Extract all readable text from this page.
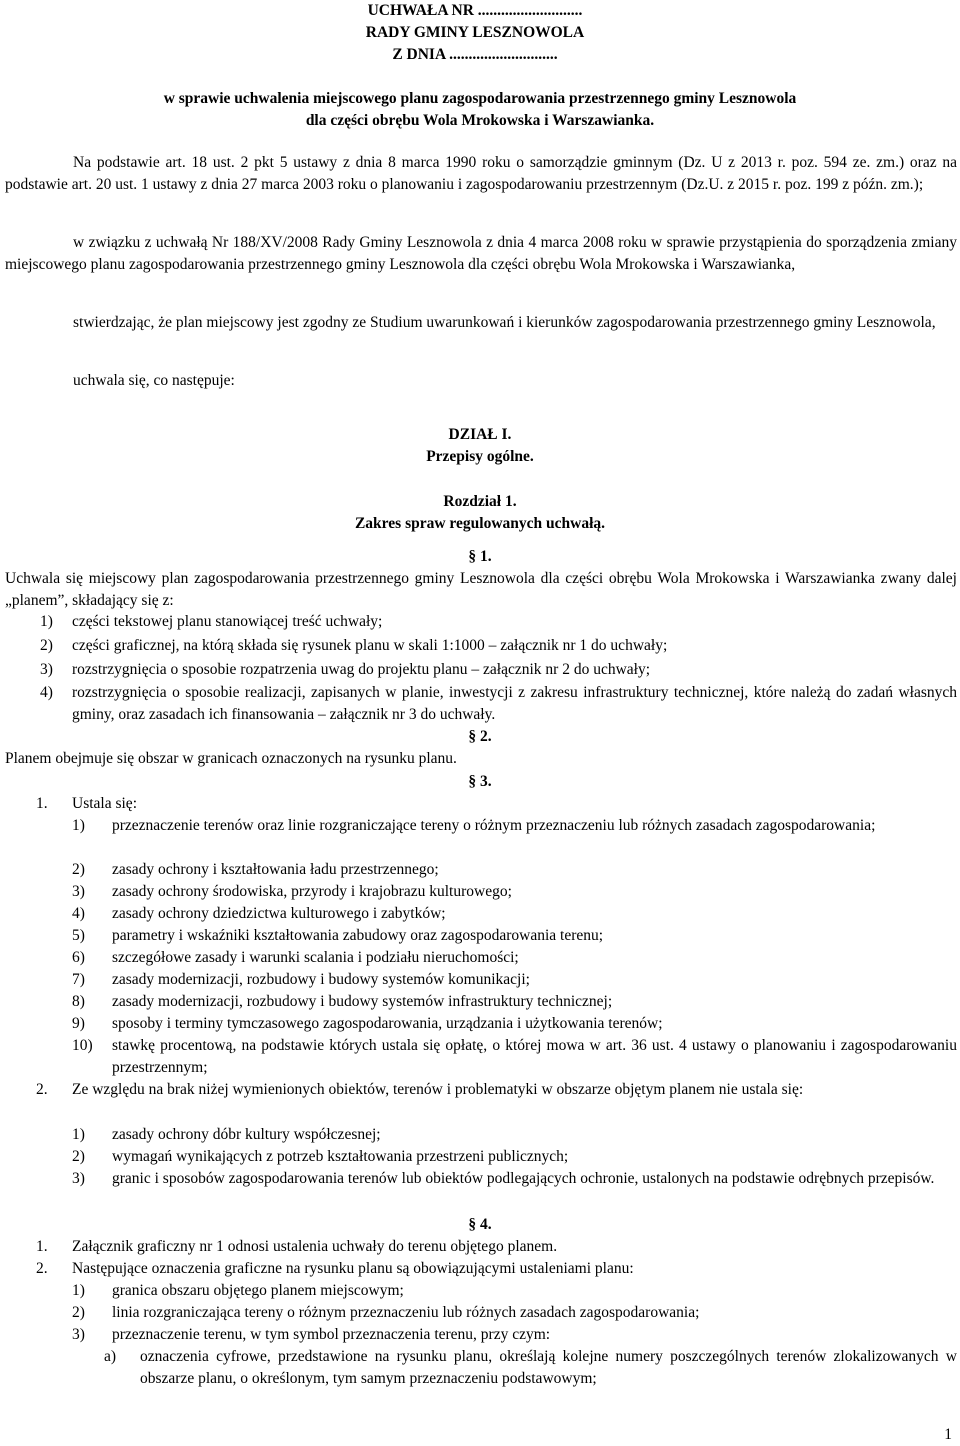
UCHWAŁA NR ...........................
RADY GMINY LESZNOWOLA
Z DNIA ............................
w sprawie uchwalenia miejscowego planu zagospodarowania przestrzennego gminy Lesznowola
dla części obrębu Wola Mrokowska i Warszawianka.
Na podstawie art. 18 ust. 2 pkt 5 ustawy z dnia 8 marca 1990 roku o samorządzie gminnym (Dz. U z 2013 r. poz. 594 ze. zm.) oraz na podstawie art. 20 ust. 1 ustawy z dnia 27 marca 2003 roku o planowaniu i zagospodarowaniu przestrzennym (Dz.U. z 2015 r. poz. 199 z późn. zm.);
w związku z uchwałą Nr 188/XV/2008 Rady Gminy Lesznowola z dnia 4 marca 2008 roku w sprawie przystąpienia do sporządzenia zmiany miejscowego planu zagospodarowania przestrzennego gminy Lesznowola dla części obrębu Wola Mrokowska i Warszawianka,
stwierdzając, że plan miejscowy jest zgodny ze Studium uwarunkowań i kierunków zagospodarowania przestrzennego gminy Lesznowola,
uchwala się, co następuje:
DZIAŁ I.
Przepisy ogólne.
Rozdział 1.
Zakres spraw regulowanych uchwałą.
§ 1.
Uchwala się miejscowy plan zagospodarowania przestrzennego gminy Lesznowola dla części obrębu Wola Mrokowska i Warszawianka zwany dalej „planem”, składający się z:
1)	części tekstowej planu stanowiącej treść uchwały;
2)	części graficznej, na którą składa się rysunek planu w skali 1:1000 – załącznik nr 1 do uchwały;
3)	rozstrzygnięcia o sposobie rozpatrzenia uwag do projektu planu – załącznik nr 2 do uchwały;
4)	rozstrzygnięcia o sposobie realizacji, zapisanych w planie, inwestycji z zakresu infrastruktury technicznej, które należą do zadań własnych gminy, oraz zasadach ich finansowania – załącznik nr 3 do uchwały.
§ 2.
Planem obejmuje się obszar w granicach oznaczonych na rysunku planu.
§ 3.
1.	Ustala się:
1)	przeznaczenie terenów oraz linie rozgraniczające tereny o różnym przeznaczeniu lub różnych zasadach zagospodarowania;
2)	zasady ochrony i kształtowania ładu przestrzennego;
3)	zasady ochrony środowiska, przyrody i krajobrazu kulturowego;
4)	zasady ochrony dziedzictwa kulturowego i zabytków;
5)	parametry i wskaźniki kształtowania zabudowy oraz zagospodarowania terenu;
6)	szczegółowe zasady i warunki scalania i podziału nieruchomości;
7)	zasady modernizacji, rozbudowy i budowy systemów komunikacji;
8)	zasady modernizacji, rozbudowy i budowy systemów infrastruktury technicznej;
9)	sposoby i terminy tymczasowego zagospodarowania, urządzania i użytkowania terenów;
10)	stawkę procentową, na podstawie których ustala się opłatę, o której mowa w art. 36 ust. 4 ustawy o planowaniu i zagospodarowaniu przestrzennym;
2.	Ze względu na brak niżej wymienionych obiektów, terenów i problematyki w obszarze objętym planem nie ustala się:
1)	zasady ochrony dóbr kultury współczesnej;
2)	wymagań wynikających z potrzeb kształtowania przestrzeni publicznych;
3)	granic i sposobów zagospodarowania terenów lub obiektów podlegających ochronie, ustalonych na podstawie odrębnych przepisów.
§ 4.
1.	Załącznik graficzny nr 1 odnosi ustalenia uchwały do terenu objętego planem.
2.	Następujące oznaczenia graficzne na rysunku planu są obowiązującymi ustaleniami planu:
1)	granica obszaru objętego planem miejscowym;
2)	linia rozgraniczająca tereny o różnym przeznaczeniu lub różnych zasadach zagospodarowania;
3)	przeznaczenie terenu, w tym symbol przeznaczenia terenu, przy czym:
a)	oznaczenia cyfrowe, przedstawione na rysunku planu, określają kolejne numery poszczególnych terenów zlokalizowanych w obszarze planu, o określonym, tym samym przeznaczeniu podstawowym;
1
